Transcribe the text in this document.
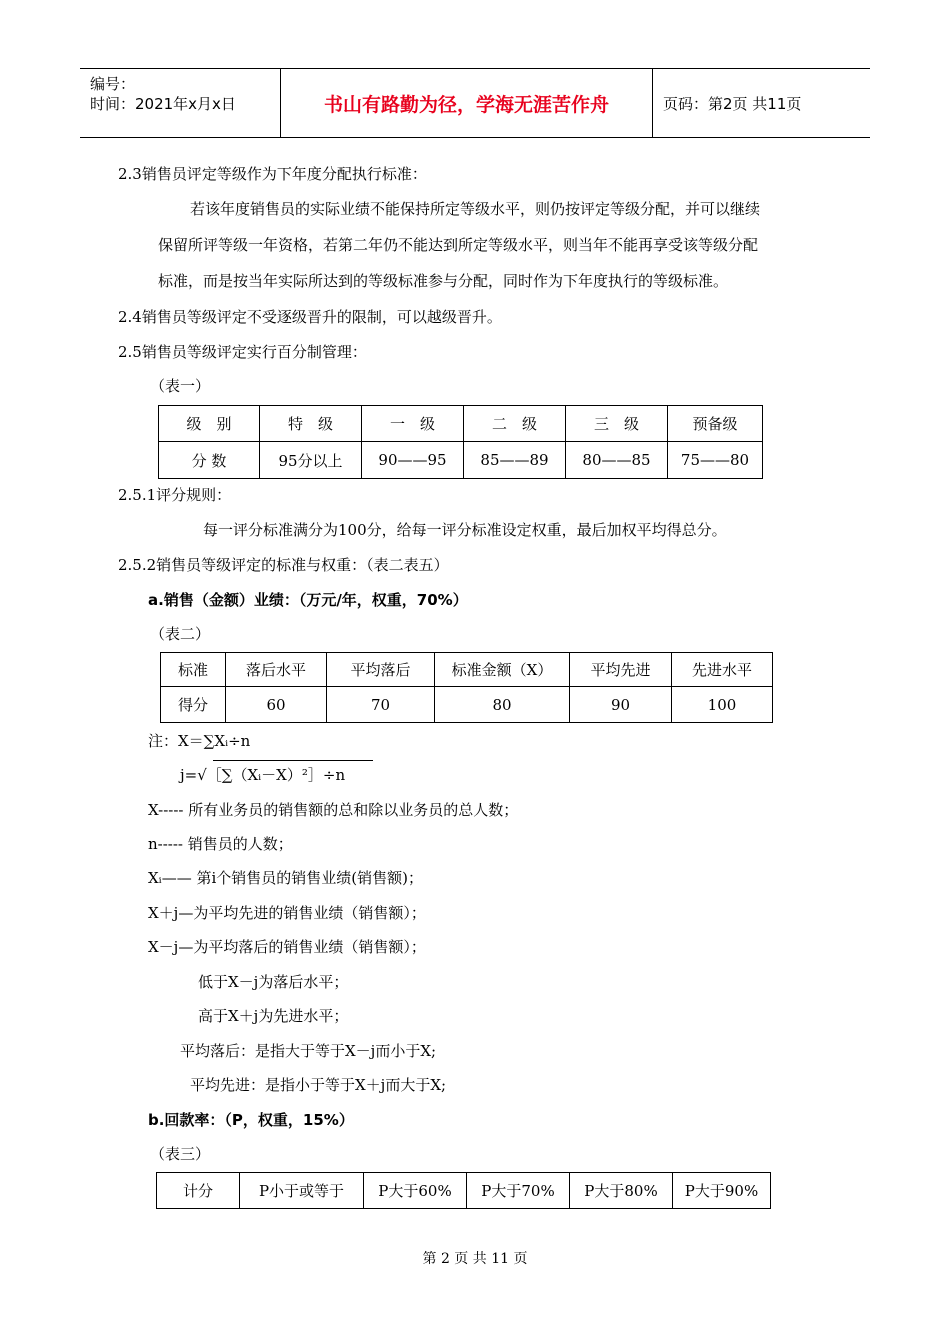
编号：
时间：2021年x月x日	书山有路勤为径，学海无涯苦作舟	页码：第2页 共11页
2.3销售员评定等级作为下年度分配执行标准：
若该年度销售员的实际业绩不能保持所定等级水平，则仍按评定等级分配，并可以继续
保留所评等级一年资格，若第二年仍不能达到所定等级水平，则当年不能再享受该等级分配
标准，而是按当年实际所达到的等级标准参与分配，同时作为下年度执行的等级标准。
2.4销售员等级评定不受逐级晋升的限制，可以越级晋升。
2.5销售员等级评定实行百分制管理：
（表一）
级　别	特　级	一　级	二　级	三　级	预备级
分 数	95分以上	90——95	85——89	80——85	75——80
2.5.1评分规则：
每一评分标准满分为100分，给每一评分标准设定权重，最后加权平均得总分。
2.5.2销售员等级评定的标准与权重：（表二表五）
a.销售（金额）业绩：（万元/年，权重，70%）
（表二）
标准	落后水平	平均落后	标准金额（X）	平均先进	先进水平
得分	60	70	80	90	100
注：X＝∑Xᵢ÷n
j=√［∑（Xᵢ－X）²］÷n
X----- 所有业务员的销售额的总和除以业务员的总人数；
n----- 销售员的人数；
Xᵢ—— 第i个销售员的销售业绩(销售额)；
X＋j—为平均先进的销售业绩（销售额）；
X－j—为平均落后的销售业绩（销售额）；
低于X－j为落后水平；
高于X＋j为先进水平；
平均落后：是指大于等于X－j而小于X;
平均先进：是指小于等于X＋j而大于X;
b.回款率：（P，权重，15%）
（表三）
计分	P小于或等于	P大于60%	P大于70%	P大于80%	P大于90%
第 2 页 共 11 页
